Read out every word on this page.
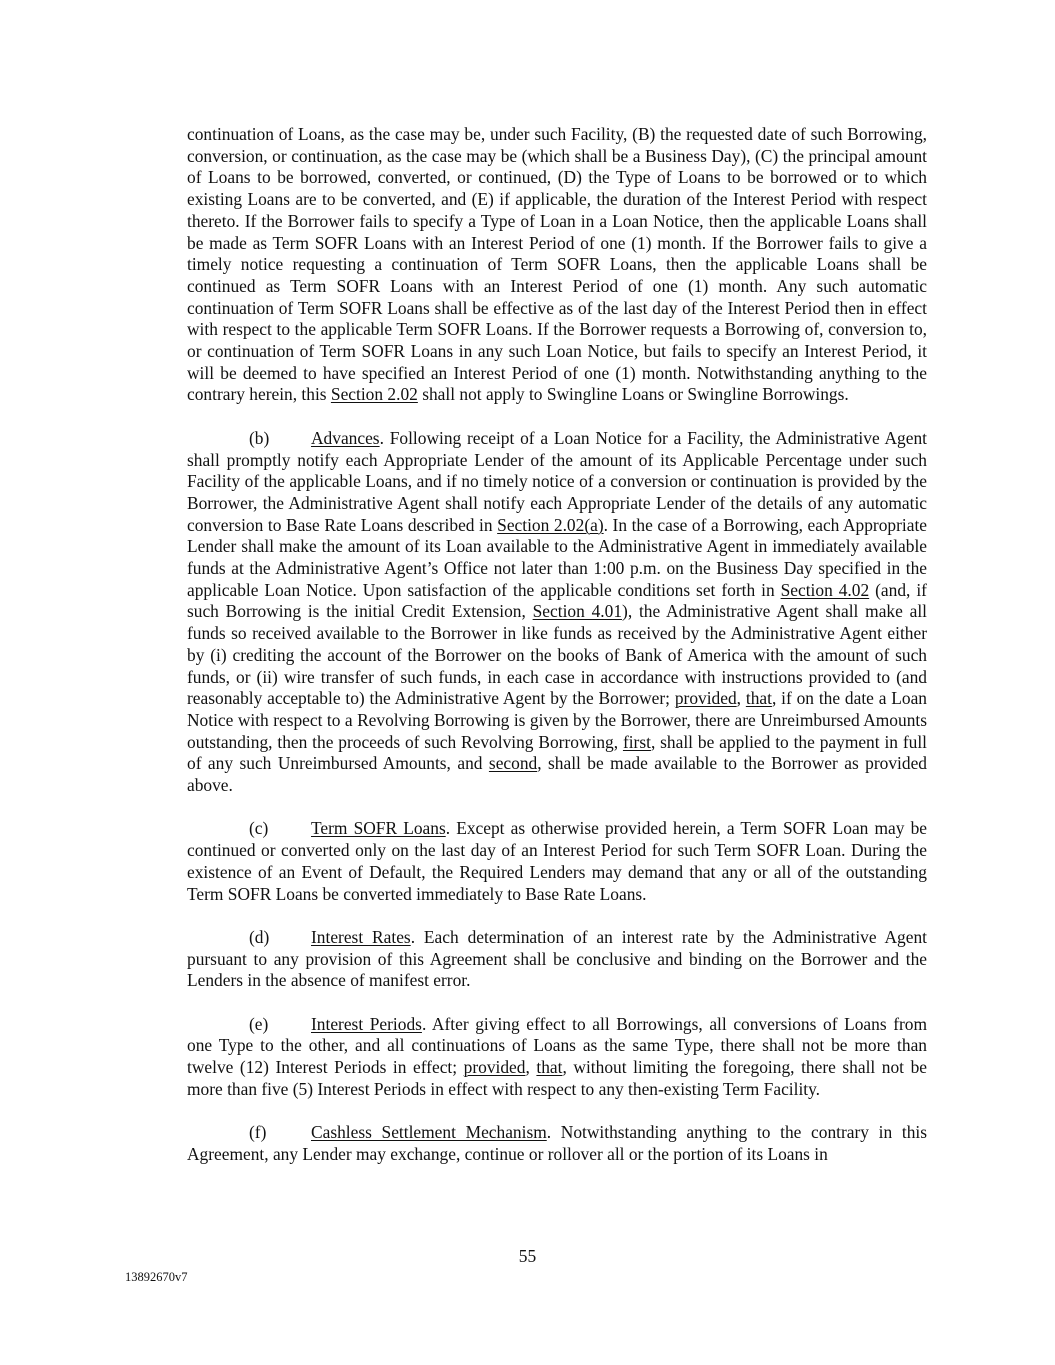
continuation of Loans, as the case may be, under such Facility, (B) the requested date of such Borrowing, conversion, or continuation, as the case may be (which shall be a Business Day), (C) the principal amount of Loans to be borrowed, converted, or continued, (D) the Type of Loans to be borrowed or to which existing Loans are to be converted, and (E) if applicable, the duration of the Interest Period with respect thereto. If the Borrower fails to specify a Type of Loan in a Loan Notice, then the applicable Loans shall be made as Term SOFR Loans with an Interest Period of one (1) month. If the Borrower fails to give a timely notice requesting a continuation of Term SOFR Loans, then the applicable Loans shall be continued as Term SOFR Loans with an Interest Period of one (1) month. Any such automatic continuation of Term SOFR Loans shall be effective as of the last day of the Interest Period then in effect with respect to the applicable Term SOFR Loans. If the Borrower requests a Borrowing of, conversion to, or continuation of Term SOFR Loans in any such Loan Notice, but fails to specify an Interest Period, it will be deemed to have specified an Interest Period of one (1) month. Notwithstanding anything to the contrary herein, this Section 2.02 shall not apply to Swingline Loans or Swingline Borrowings.

(b) Advances. Following receipt of a Loan Notice for a Facility, the Administrative Agent shall promptly notify each Appropriate Lender of the amount of its Applicable Percentage under such Facility of the applicable Loans, and if no timely notice of a conversion or continuation is provided by the Borrower, the Administrative Agent shall notify each Appropriate Lender of the details of any automatic conversion to Base Rate Loans described in Section 2.02(a). In the case of a Borrowing, each Appropriate Lender shall make the amount of its Loan available to the Administrative Agent in immediately available funds at the Administrative Agent’s Office not later than 1:00 p.m. on the Business Day specified in the applicable Loan Notice. Upon satisfaction of the applicable conditions set forth in Section 4.02 (and, if such Borrowing is the initial Credit Extension, Section 4.01), the Administrative Agent shall make all funds so received available to the Borrower in like funds as received by the Administrative Agent either by (i) crediting the account of the Borrower on the books of Bank of America with the amount of such funds, or (ii) wire transfer of such funds, in each case in accordance with instructions provided to (and reasonably acceptable to) the Administrative Agent by the Borrower; provided, that, if on the date a Loan Notice with respect to a Revolving Borrowing is given by the Borrower, there are Unreimbursed Amounts outstanding, then the proceeds of such Revolving Borrowing, first, shall be applied to the payment in full of any such Unreimbursed Amounts, and second, shall be made available to the Borrower as provided above.

(c) Term SOFR Loans. Except as otherwise provided herein, a Term SOFR Loan may be continued or converted only on the last day of an Interest Period for such Term SOFR Loan. During the existence of an Event of Default, the Required Lenders may demand that any or all of the outstanding Term SOFR Loans be converted immediately to Base Rate Loans.

(d) Interest Rates. Each determination of an interest rate by the Administrative Agent pursuant to any provision of this Agreement shall be conclusive and binding on the Borrower and the Lenders in the absence of manifest error.

(e) Interest Periods. After giving effect to all Borrowings, all conversions of Loans from one Type to the other, and all continuations of Loans as the same Type, there shall not be more than twelve (12) Interest Periods in effect; provided, that, without limiting the foregoing, there shall not be more than five (5) Interest Periods in effect with respect to any then-existing Term Facility.

(f)	Cashless Settlement Mechanism. Notwithstanding anything to the contrary in this Agreement, any Lender may exchange, continue or rollover all or the portion of its Loans in

55
13892670v7
